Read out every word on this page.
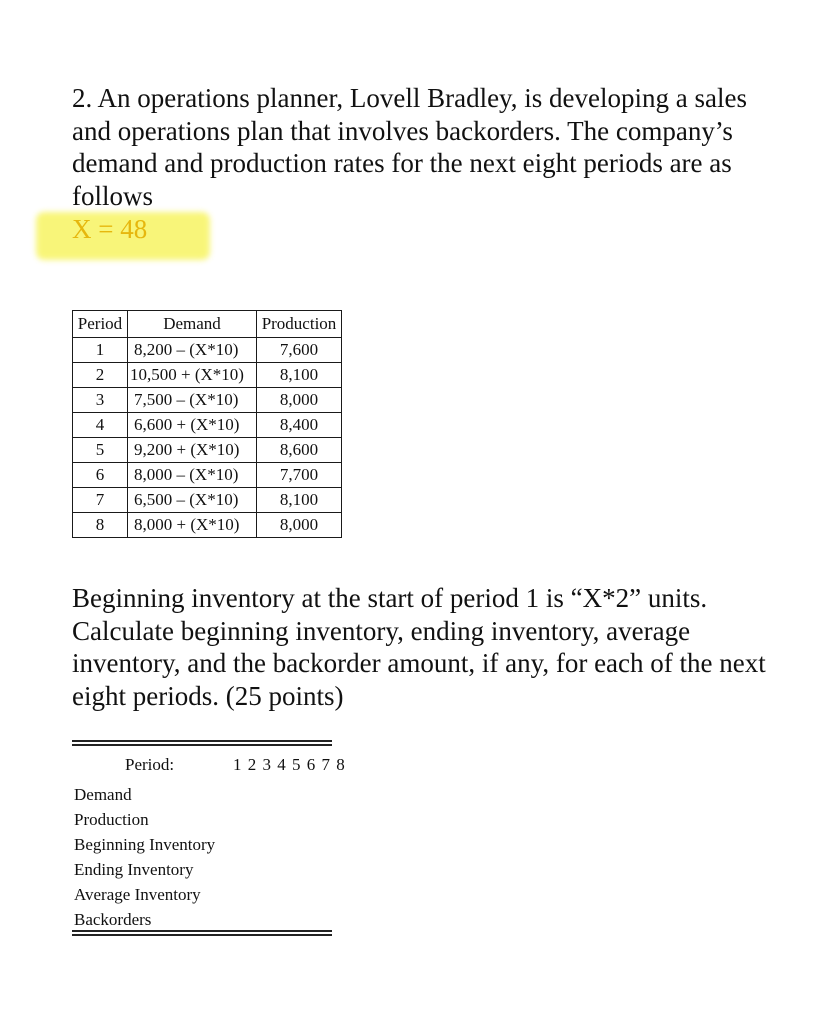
2. An operations planner, Lovell Bradley, is developing a sales and operations plan that involves backorders. The company’s demand and production rates for the next eight periods are as follows

X = 48
Period	Demand	Production
1	8,200 – (X*10)	7,600
2	10,500 + (X*10)	8,100
3	7,500 – (X*10)	8,000
4	6,600 + (X*10)	8,400
5	9,200 + (X*10)	8,600
6	8,000 – (X*10)	7,700
7	6,500 – (X*10)	8,100
8	8,000 + (X*10)	8,000

Beginning inventory at the start of period 1 is “X*2” units. Calculate beginning inventory, ending inventory, average inventory, and the backorder amount, if any, for each of the next eight periods. (25 points)

Period:	1 2 3 4 5 6 7 8
Demand
Production
Beginning Inventory
Ending Inventory
Average Inventory
Backorders
